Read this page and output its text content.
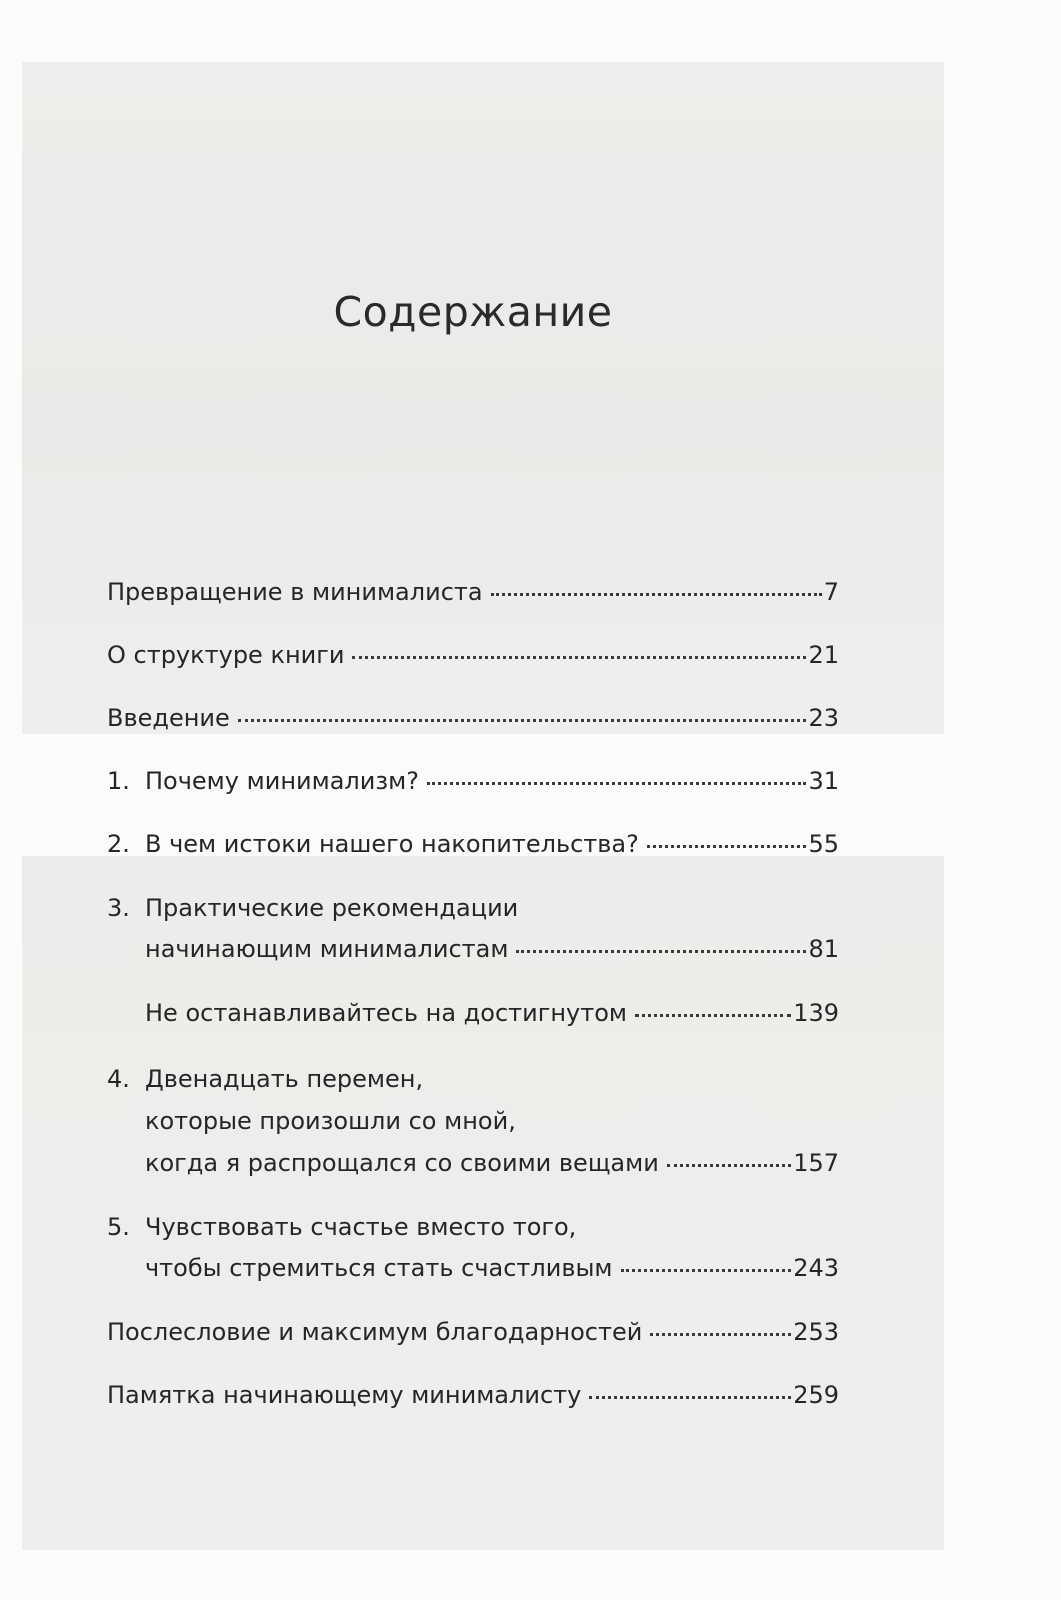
Содержание
Превращение в минималиста	7
О структуре книги	21
Введение	23
1. Почему минимализм?	31
2. В чем истоки нашего накопительства?	55
3. Практические рекомендации
начинающим минималистам	81
Не останавливайтесь на достигнутом	139
4. Двенадцать перемен,
которые произошли со мной,
когда я распрощался со своими вещами	157
5. Чувствовать счастье вместо того,
чтобы стремиться стать счастливым	243
Послесловие и максимум благодарностей	253
Памятка начинающему минималисту	259
